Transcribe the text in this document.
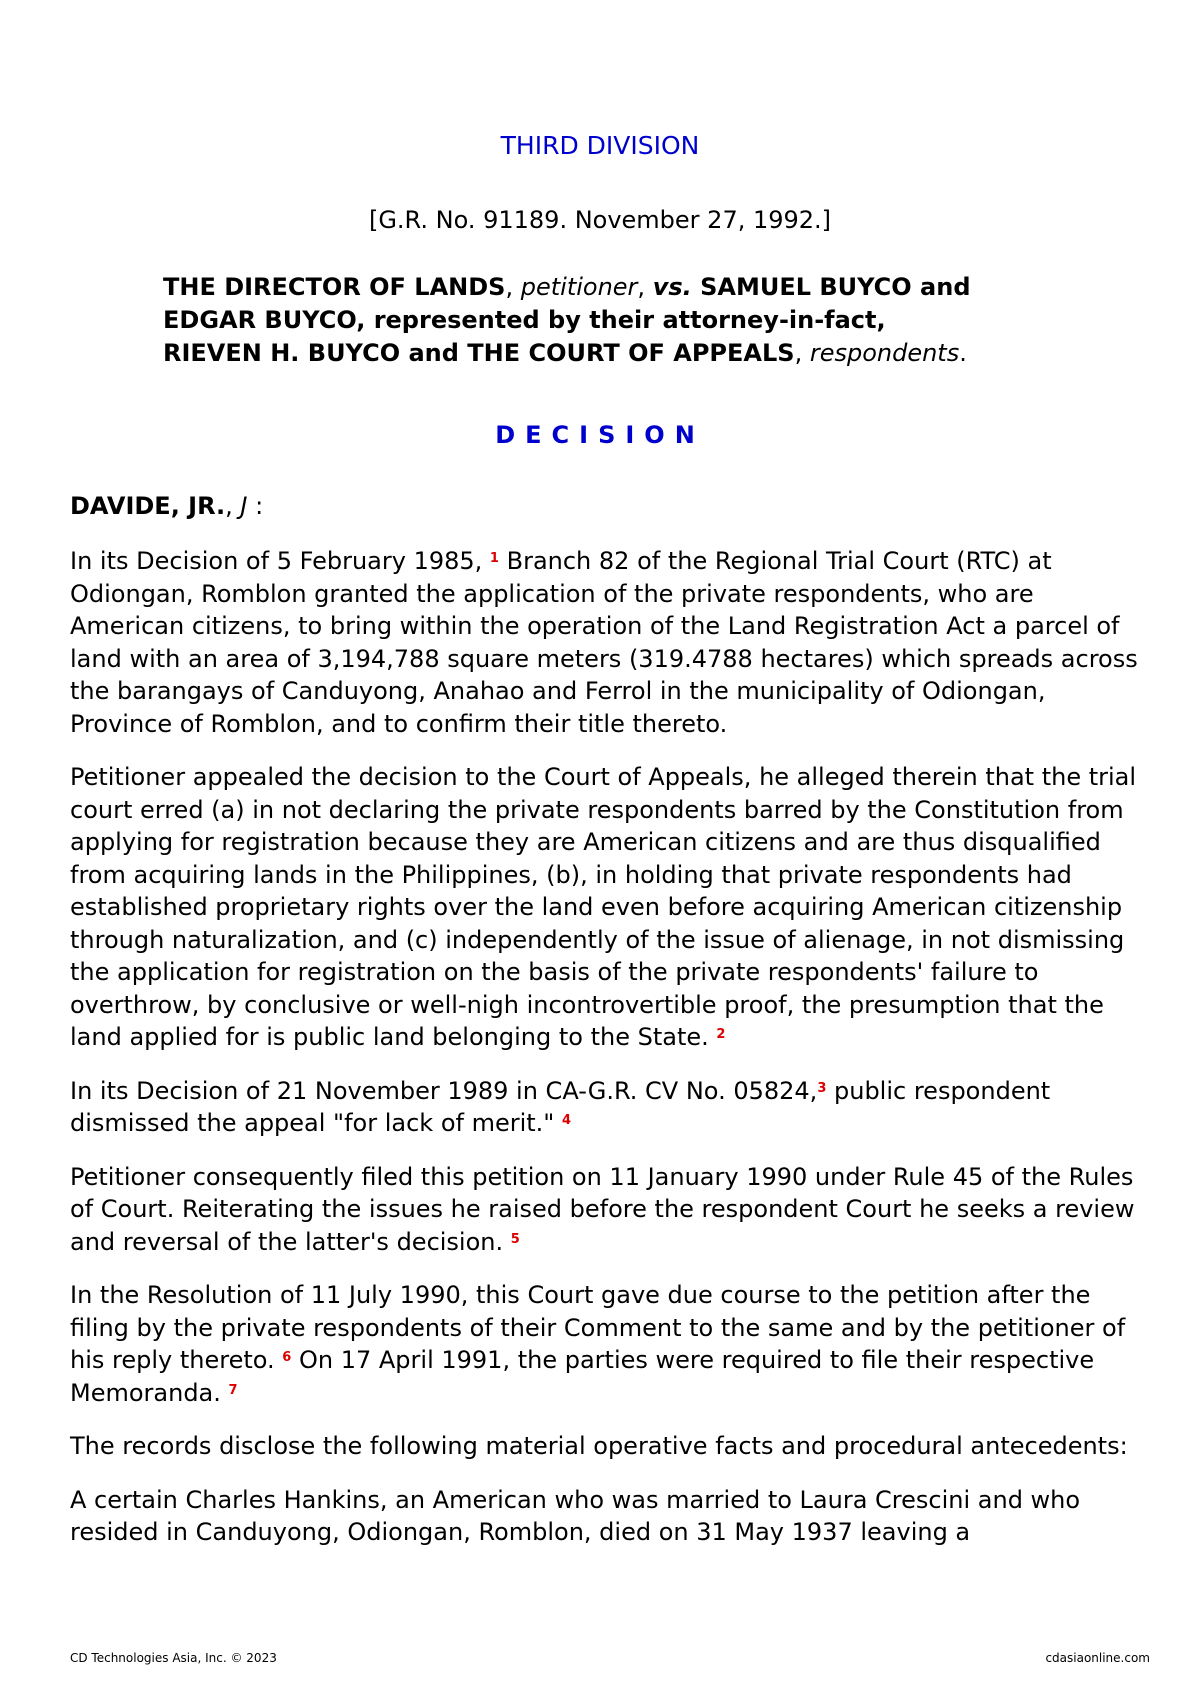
THIRD DIVISION
[G.R. No. 91189. November 27, 1992.]
THE DIRECTOR OF LANDS, petitioner, vs. SAMUEL BUYCO and
EDGAR BUYCO, represented by their attorney-in-fact,
RIEVEN H. BUYCO and THE COURT OF APPEALS, respondents.
DECISION
DAVIDE, JR., J :

In its Decision of 5 February 1985, $^1$ Branch 82 of the Regional Trial Court (RTC) at Odiongan, Romblon granted the application of the private respondents, who are American citizens, to bring within the operation of the Land Registration Act a parcel of land with an area of 3,194,788 square meters (319.4788 hectares) which spreads across the barangays of Canduyong, Anahao and Ferrol in the municipality of Odiongan, Province of Romblon, and to confirm their title thereto.

Petitioner appealed the decision to the Court of Appeals, he alleged therein that the trial court erred (a) in not declaring the private respondents barred by the Constitution from applying for registration because they are American citizens and are thus disqualified from acquiring lands in the Philippines, (b), in holding that private respondents had established proprietary rights over the land even before acquiring American citizenship through naturalization, and (c) independently of the issue of alienage, in not dismissing the application for registration on the basis of the private respondents' failure to overthrow, by conclusive or well-nigh incontrovertible proof, the presumption that the land applied for is public land belonging to the State. $^2$

In its Decision of 21 November 1989 in CA-G.R. CV No. 05824,$^3$ public respondent dismissed the appeal "for lack of merit." $^4$

Petitioner consequently filed this petition on 11 January 1990 under Rule 45 of the Rules of Court. Reiterating the issues he raised before the respondent Court he seeks a review and reversal of the latter's decision. $^5$

In the Resolution of 11 July 1990, this Court gave due course to the petition after the filing by the private respondents of their Comment to the same and by the petitioner of his reply thereto. $^6$ On 17 April 1991, the parties were required to file their respective Memoranda. $^7$

The records disclose the following material operative facts and procedural antecedents:

A certain Charles Hankins, an American who was married to Laura Crescini and who resided in Canduyong, Odiongan, Romblon, died on 31 May 1937 leaving a

CD Technologies Asia, Inc. © 2023	cdasiaonline.com
